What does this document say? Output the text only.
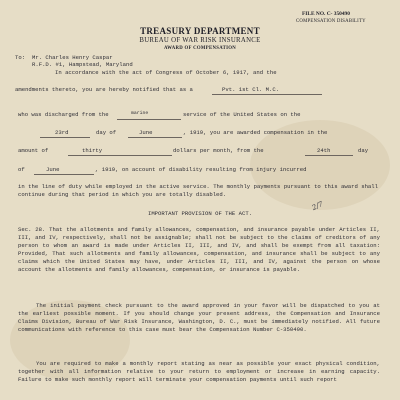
FILE NO. C- 350490
COMPENSATION DISABILITY
TREASURY DEPARTMENT
BUREAU OF WAR RISK INSURANCE
AWARD OF COMPENSATION
To: Mr. Charles Henry Caspar
R.F.D. #1, Hampstead, Maryland
In accordance with the act of Congress of October 6, 1917, and the
amendments thereto, you are hereby notified that as a	Pvt. 1st Cl. M.C.
who was discharged from the	marine	service of the United States on the
23rd	day of	June	, 1919, you are awarded compensation in the
amount of	thirty	dollars per month, from the	24th	day
of	June	, 1919, on account of disability resulting from injury incurred
in the line of duty while employed in the active service. The monthly payments pursuant to this award shall continue during that period in which you are totally disabled.
2/7
IMPORTANT PROVISION OF THE ACT.
Sec. 28. That the allotments and family allowances, compensation, and insurance payable under Articles II, III, and IV, respectively, shall not be assignable; shall not be subject to the claims of creditors of any person to whom an award is made under Articles II, III, and IV, and shall be exempt from all taxation: Provided, That such allotments and family allowances, compensation, and insurance shall be subject to any claims which the United States may have, under Articles II, III, and IV, against the person on whose account the allotments and family allowances, compensation, or insurance is payable.
The initial payment check pursuant to the award approved in your favor will be dispatched to you at the earliest possible moment. If you should change your present address, the Compensation and Insurance Claims Division, Bureau of War Risk Insurance, Washington, D. C., must be immediately notified. All future communications with reference to this case must bear the Compensation Number C-350490.
You are required to make a monthly report stating as near as possible your exact physical condition, together with all information relative to your return to employment or increase in earning capacity. Failure to make such monthly report will terminate your compensation payments until such report
